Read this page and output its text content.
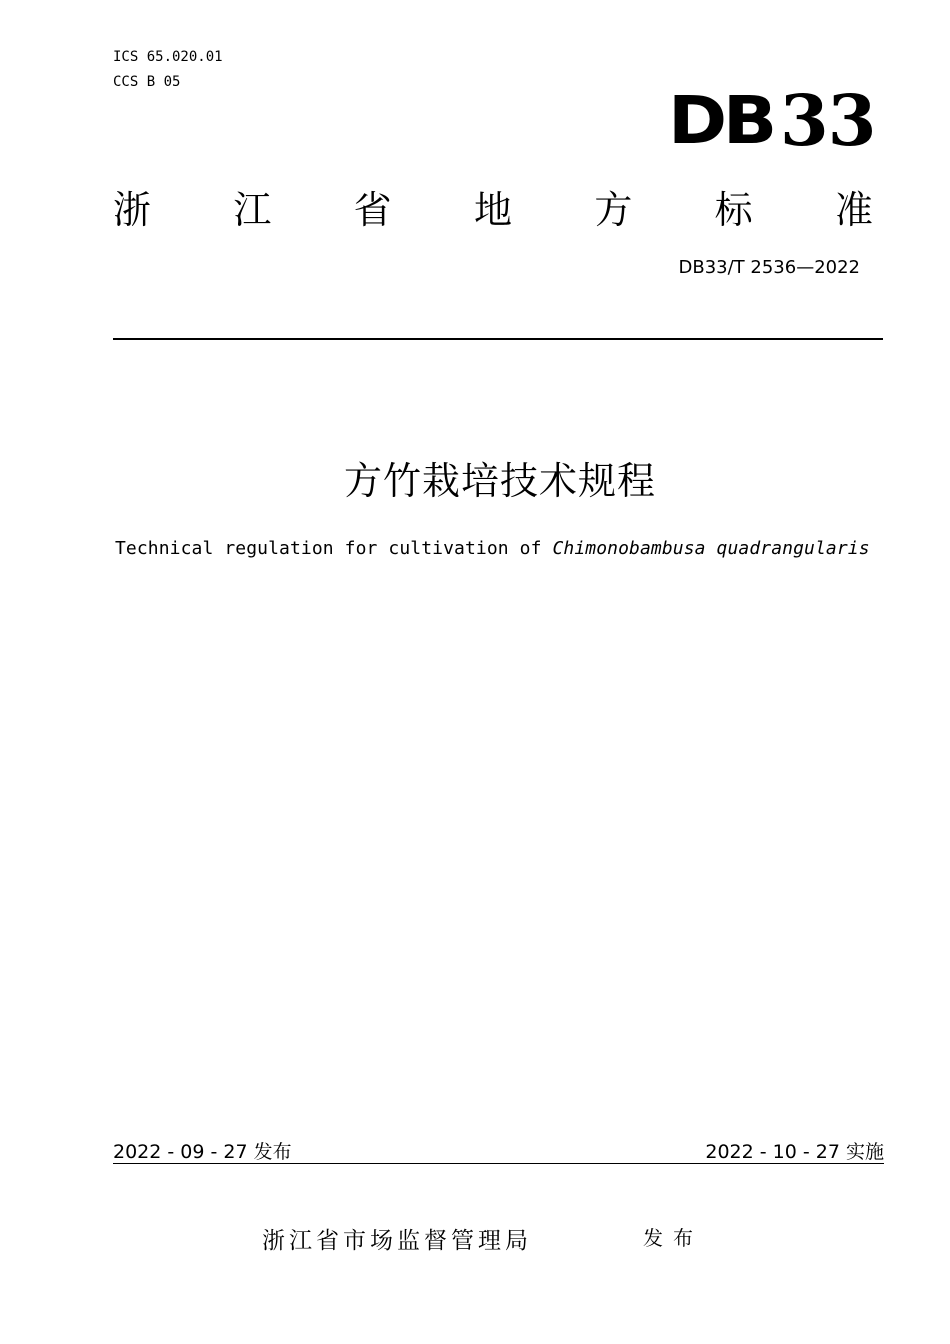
ICS 65.020.01
CCS B 05	DB 33
浙 江 省 地 方 标 准
DB33/T 2536—2022
方竹栽培技术规程
Technical regulation for cultivation of Chimonobambusa quadrangularis
2022 - 09 - 27 发布	2022 - 10 - 27 实施
浙江省市场监督管理局	发布
